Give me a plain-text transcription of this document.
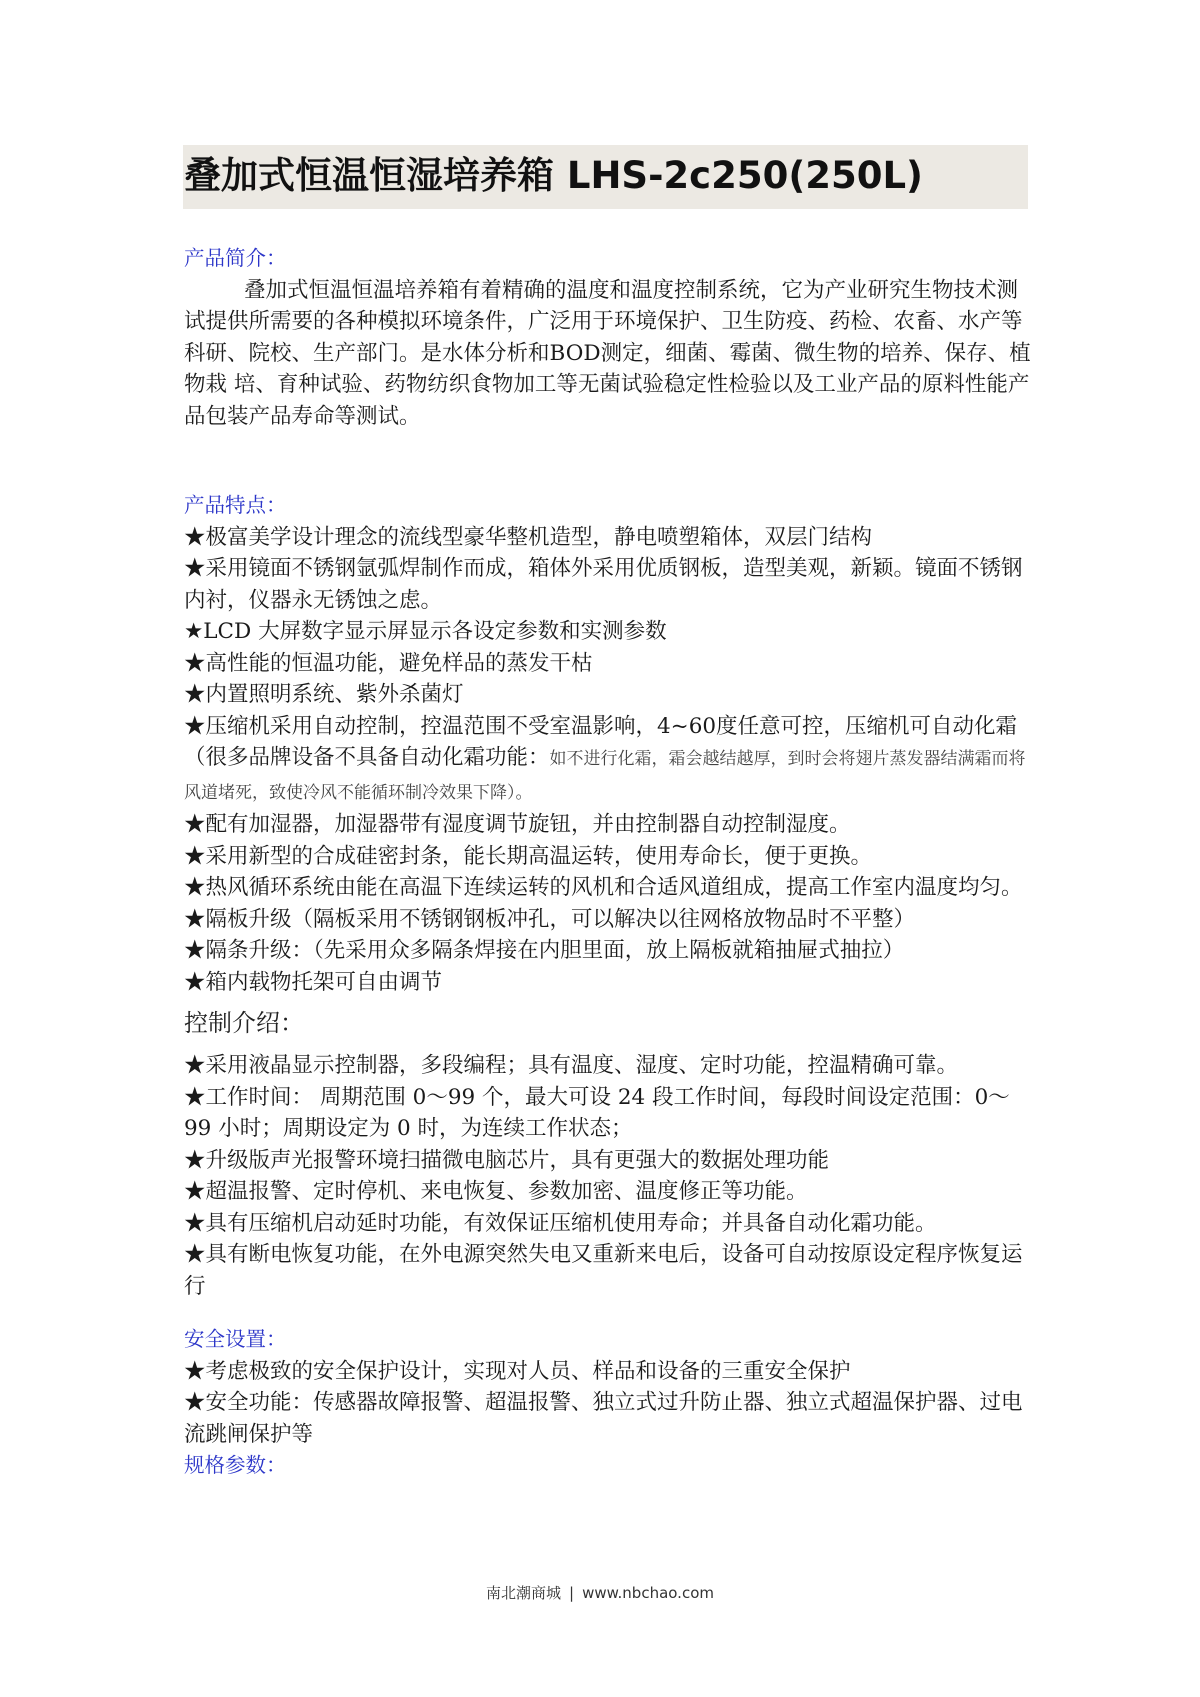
叠加式恒温恒湿培养箱 LHS-2c250(250L)
产品简介：

叠加式恒温恒温培养箱有着精确的温度和温度控制系统，它为产业研究生物技术测试提供所需要的各种模拟环境条件，广泛用于环境保护、卫生防疫、药检、农畜、水产等科研、院校、生产部门。是水体分析和BOD测定，细菌、霉菌、微生物的培养、保存、植物栽 培、育种试验、药物纺织食物加工等无菌试验稳定性检验以及工业产品的原料性能产品包装产品寿命等测试。

产品特点：

★极富美学设计理念的流线型豪华整机造型，静电喷塑箱体，双层门结构

★采用镜面不锈钢氩弧焊制作而成，箱体外采用优质钢板，造型美观，新颖。镜面不锈钢内衬，仪器永无锈蚀之虑。

★LCD 大屏数字显示屏显示各设定参数和实测参数

★高性能的恒温功能，避免样品的蒸发干枯

★内置照明系统、紫外杀菌灯

★压缩机采用自动控制，控温范围不受室温影响，4~60度任意可控，压缩机可自动化霜（很多品牌设备不具备自动化霜功能：如不进行化霜，霜会越结越厚，到时会将翅片蒸发器结满霜而将风道堵死，致使冷风不能循环制冷效果下降）。

★配有加湿器，加湿器带有湿度调节旋钮，并由控制器自动控制湿度。

★采用新型的合成硅密封条，能长期高温运转，使用寿命长，便于更换。

★热风循环系统由能在高温下连续运转的风机和合适风道组成，提高工作室内温度均匀。

★隔板升级（隔板采用不锈钢钢板冲孔，可以解决以往网格放物品时不平整）

★隔条升级：（先采用众多隔条焊接在内胆里面，放上隔板就箱抽屉式抽拉）

★箱内载物托架可自由调节

控制介绍：

★采用液晶显示控制器，多段编程；具有温度、湿度、定时功能，控温精确可靠。

★工作时间： 周期范围 0～99 个，最大可设 24 段工作时间，每段时间设定范围：0～99 小时；周期设定为 0 时，为连续工作状态；

★升级版声光报警环境扫描微电脑芯片，具有更强大的数据处理功能

★超温报警、定时停机、来电恢复、参数加密、温度修正等功能。

★具有压缩机启动延时功能，有效保证压缩机使用寿命；并具备自动化霜功能。

★具有断电恢复功能，在外电源突然失电又重新来电后，设备可自动按原设定程序恢复运行

安全设置：

★考虑极致的安全保护设计，实现对人员、样品和设备的三重安全保护

★安全功能：传感器故障报警、超温报警、独立式过升防止器、独立式超温保护器、过电流跳闸保护等

规格参数：
南北潮商城 | www.nbchao.com
